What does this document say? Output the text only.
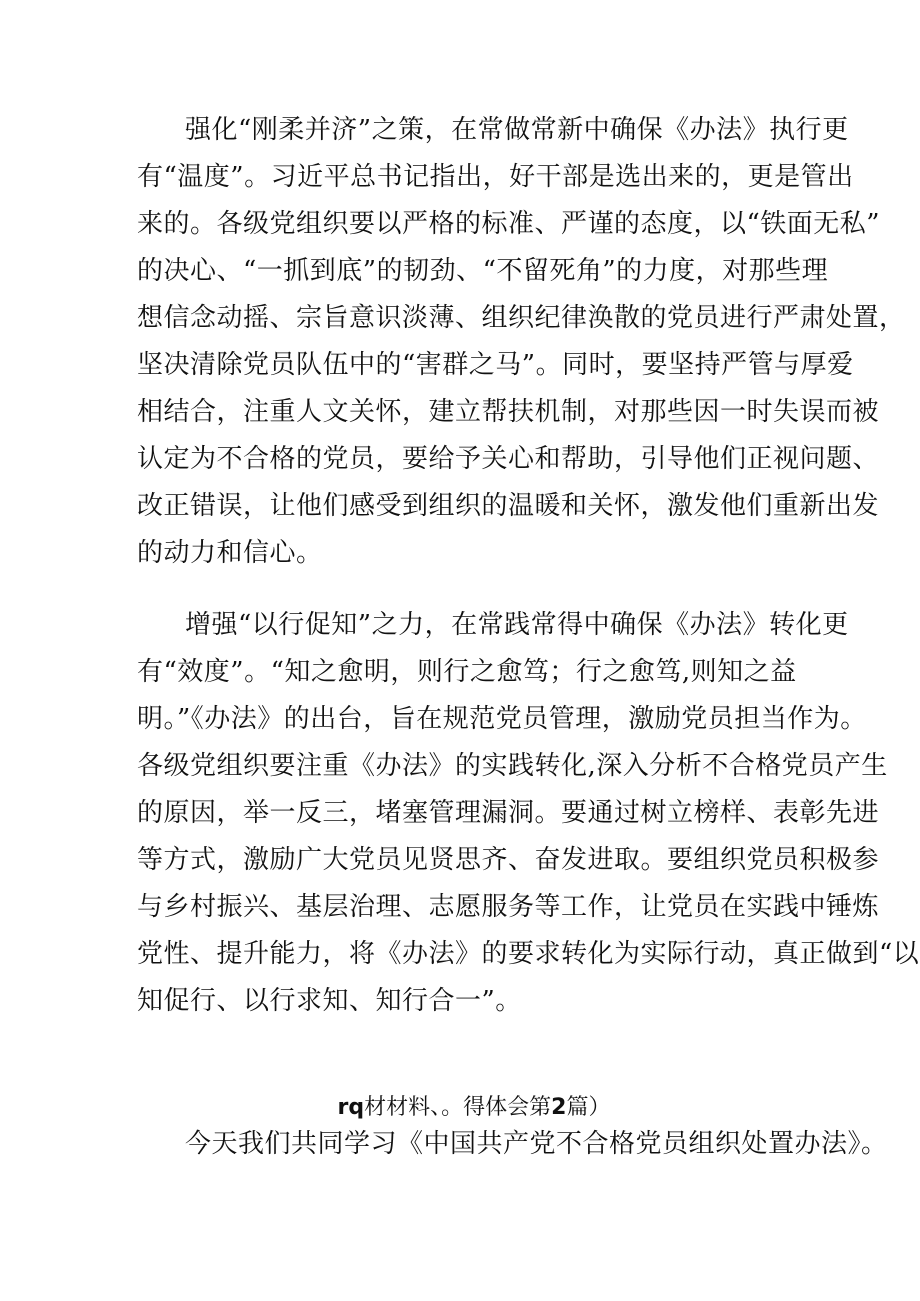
强化“刚柔并济”之策，在常做常新中确保《办法》执行更
有“温度”。习近平总书记指出，好干部是选出来的，更是管出
来的。各级党组织要以严格的标准、严谨的态度，以“铁面无私”
的决心、“一抓到底”的韧劲、“不留死角”的力度，对那些理
想信念动摇、宗旨意识淡薄、组织纪律涣散的党员进行严肃处置，
坚决清除党员队伍中的“害群之马”。同时，要坚持严管与厚爱
相结合，注重人文关怀，建立帮扶机制，对那些因一时失误而被
认定为不合格的党员，要给予关心和帮助，引导他们正视问题、
改正错误，让他们感受到组织的温暖和关怀，激发他们重新出发
的动力和信心。
增强“以行促知”之力，在常践常得中确保《办法》转化更
有“效度”。“知之愈明，则行之愈笃；行之愈笃,则知之益
明。”《办法》的出台，旨在规范党员管理，激励党员担当作为。
各级党组织要注重《办法》的实践转化,深入分析不合格党员产生
的原因，举一反三，堵塞管理漏洞。要通过树立榜样、表彰先进
等方式，激励广大党员见贤思齐、奋发进取。要组织党员积极参
与乡村振兴、基层治理、志愿服务等工作，让党员在实践中锤炼
党性、提升能力，将《办法》的要求转化为实际行动，真正做到“以
知促行、以行求知、知行合一”。

rq材材料、。得体会第2篇）

今天我们共同学习《中国共产党不合格党员组织处置办法》。
